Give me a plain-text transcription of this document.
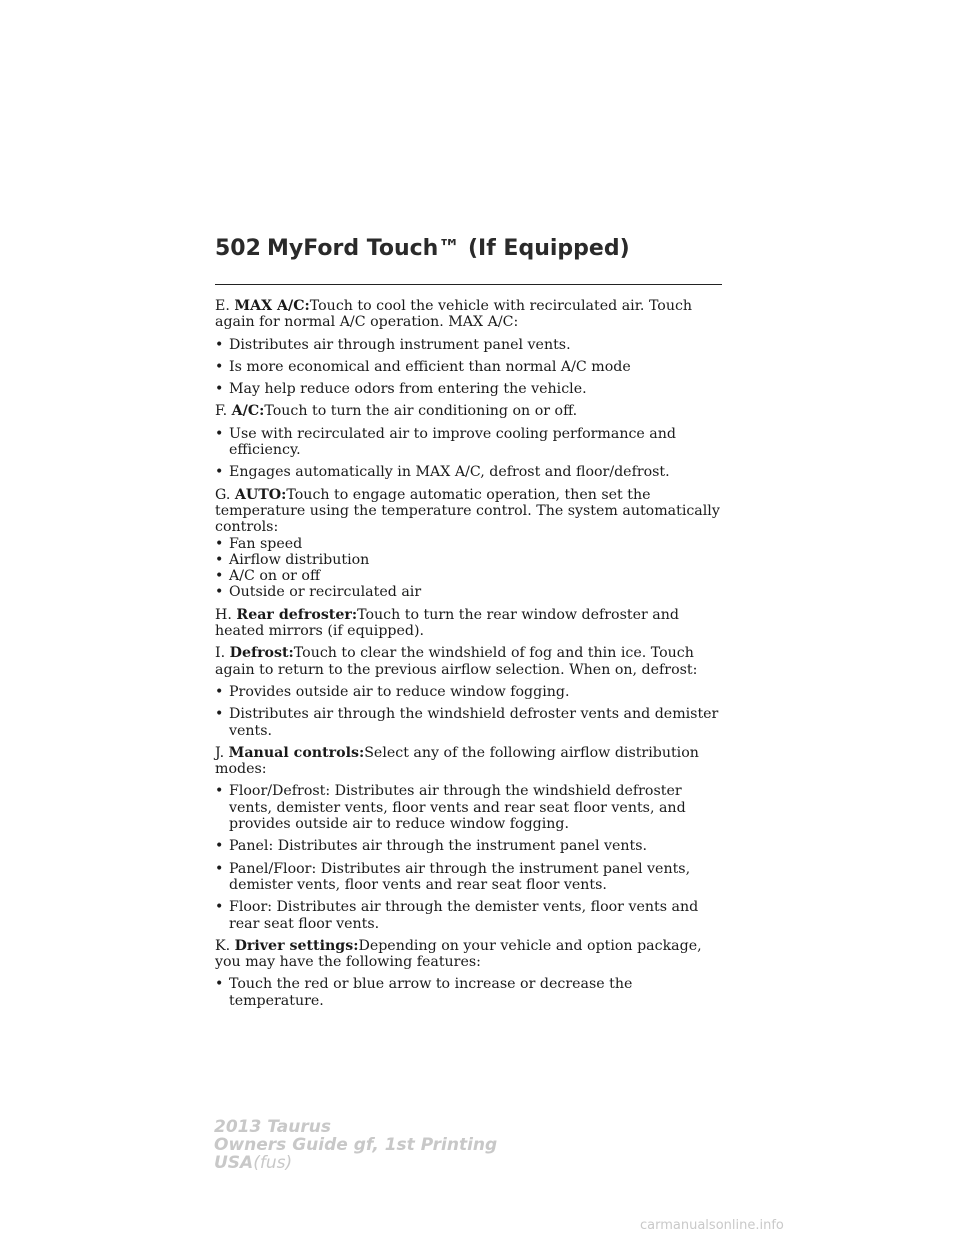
502 MyFord Touch™ (If Equipped)

E. MAX A/C:Touch to cool the vehicle with recirculated air. Touch again for normal A/C operation. MAX A/C:

• Distributes air through instrument panel vents.
• Is more economical and efficient than normal A/C mode
• May help reduce odors from entering the vehicle.

F. A/C:Touch to turn the air conditioning on or off.

• Use with recirculated air to improve cooling performance and efficiency.
• Engages automatically in MAX A/C, defrost and floor/defrost.

G. AUTO:Touch to engage automatic operation, then set the temperature using the temperature control. The system automatically controls:

• Fan speed
• Airflow distribution
• A/C on or off
• Outside or recirculated air

H. Rear defroster:Touch to turn the rear window defroster and heated mirrors (if equipped).

I. Defrost:Touch to clear the windshield of fog and thin ice. Touch again to return to the previous airflow selection. When on, defrost:

• Provides outside air to reduce window fogging.
• Distributes air through the windshield defroster vents and demister vents.

J. Manual controls:Select any of the following airflow distribution modes:

• Floor/Defrost: Distributes air through the windshield defroster vents, demister vents, floor vents and rear seat floor vents, and provides outside air to reduce window fogging.
• Panel: Distributes air through the instrument panel vents.
• Panel/Floor: Distributes air through the instrument panel vents, demister vents, floor vents and rear seat floor vents.
• Floor: Distributes air through the demister vents, floor vents and rear seat floor vents.

K. Driver settings:Depending on your vehicle and option package, you may have the following features:

• Touch the red or blue arrow to increase or decrease the temperature.
2013 Taurus
Owners Guide gf, 1st Printing
USA(fus)
carmanualsonline.info
